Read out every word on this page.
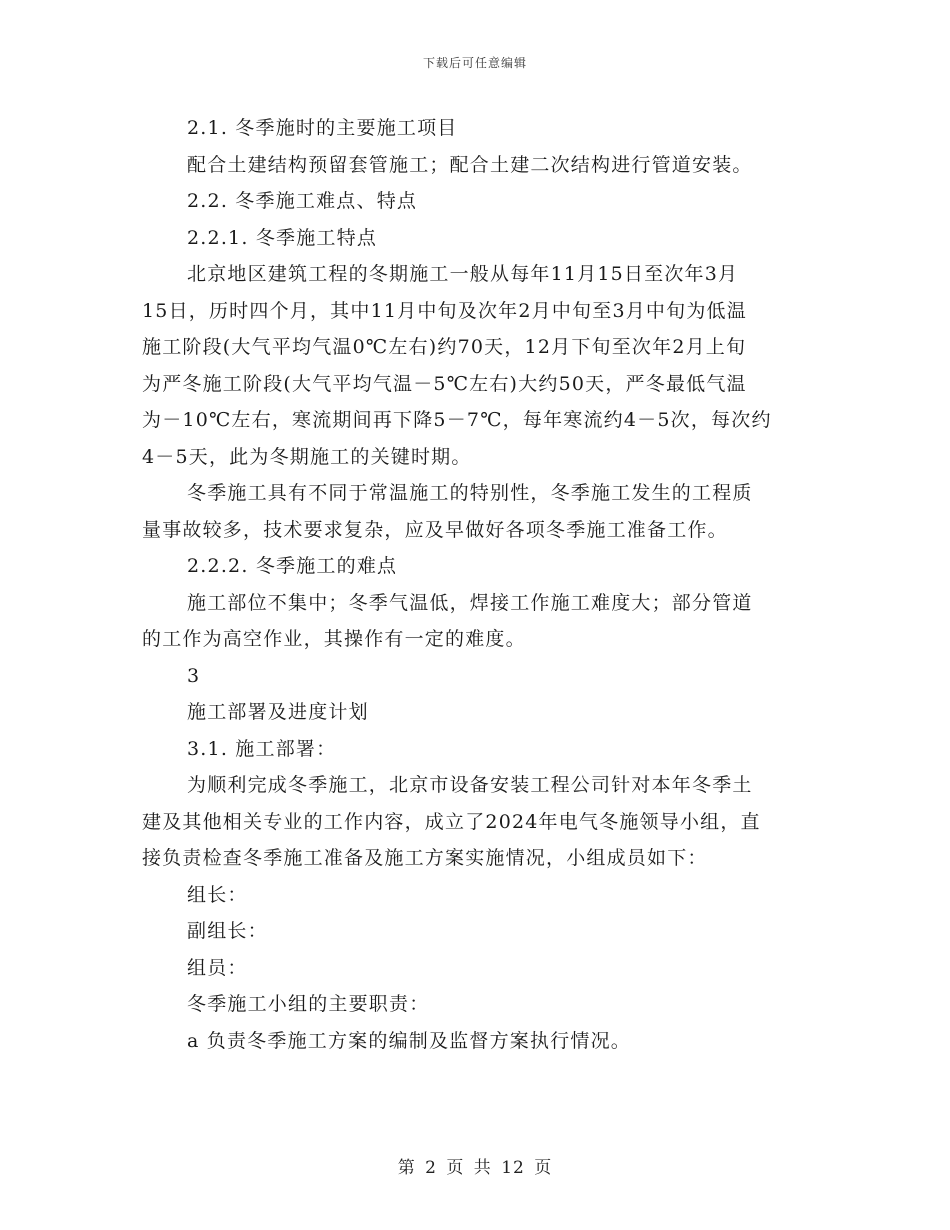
下载后可任意编辑
2.1. 冬季施时的主要施工项目
配合土建结构预留套管施工；配合土建二次结构进行管道安装。
2.2. 冬季施工难点、特点
2.2.1. 冬季施工特点
北京地区建筑工程的冬期施工一般从每年11月15日至次年3月
15日，历时四个月，其中11月中旬及次年2月中旬至3月中旬为低温
施工阶段(大气平均气温0℃左右)约70天，12月下旬至次年2月上旬
为严冬施工阶段(大气平均气温－5℃左右)大约50天，严冬最低气温
为－10℃左右，寒流期间再下降5－7℃，每年寒流约4－5次，每次约
4－5天，此为冬期施工的关键时期。
冬季施工具有不同于常温施工的特别性，冬季施工发生的工程质
量事故较多，技术要求复杂，应及早做好各项冬季施工准备工作。
2.2.2. 冬季施工的难点
施工部位不集中；冬季气温低，焊接工作施工难度大；部分管道
的工作为高空作业，其操作有一定的难度。
3
施工部署及进度计划
3.1. 施工部署：
为顺利完成冬季施工，北京市设备安装工程公司针对本年冬季土
建及其他相关专业的工作内容，成立了2024年电气冬施领导小组，直
接负责检查冬季施工准备及施工方案实施情况，小组成员如下：
组长：
副组长：
组员：
冬季施工小组的主要职责：
a 负责冬季施工方案的编制及监督方案执行情况。
第 2 页 共 12 页
